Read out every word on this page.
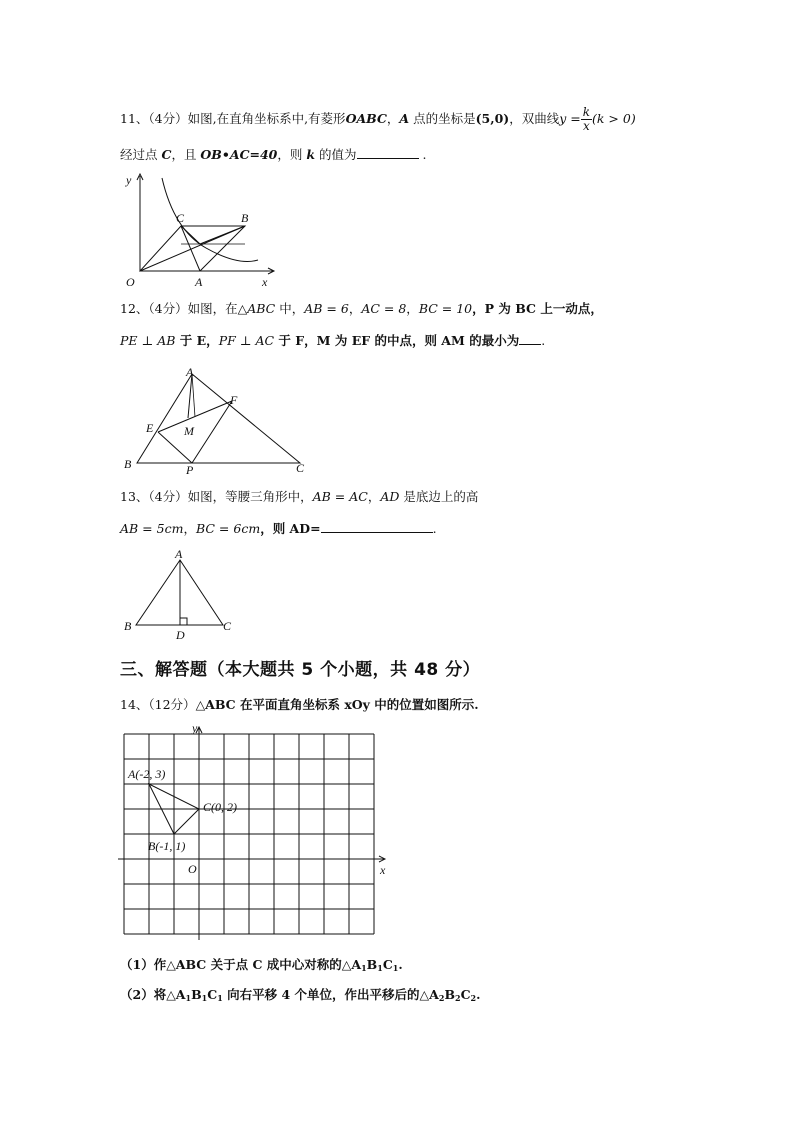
11、（4分）如图,在直角坐标系中,有菱形OABC，A 点的坐标是(5,0)，双曲线$y = \frac{k}{x} (k > 0)$
经过点 C，且 OB•AC=40，则 k 的值为	.
y
x
O	A
B
C
12、（4分）如图，在△ABC 中，AB = 6，AC = 8，BC = 10，P 为 BC 上一动点，
PE ⊥ AB 于 E，PF ⊥ AC 于 F，M 为 EF 的中点，则 AM 的最小为 .
A
B	C
E
F
M
P
13、（4分）如图，等腰三角形中，AB = AC，AD 是底边上的高
AB = 5cm，BC = 6cm，则 AD=	.
A
B	C
D
三、解答题（本大题共 5 个小题，共 48 分）
14、（12分）△ABC 在平面直角坐标系 xOy 中的位置如图所示.
y
x
O
A(-2, 3)
B(-1, 1)
C(0, 2)
（1）作△ABC 关于点 C 成中心对称的$\triangle A_1B_1C_1$.
（2）将$\triangle A_1B_1C_1$ 向右平移 4 个单位，作出平移后的$\triangle A_2B_2C_2$.
